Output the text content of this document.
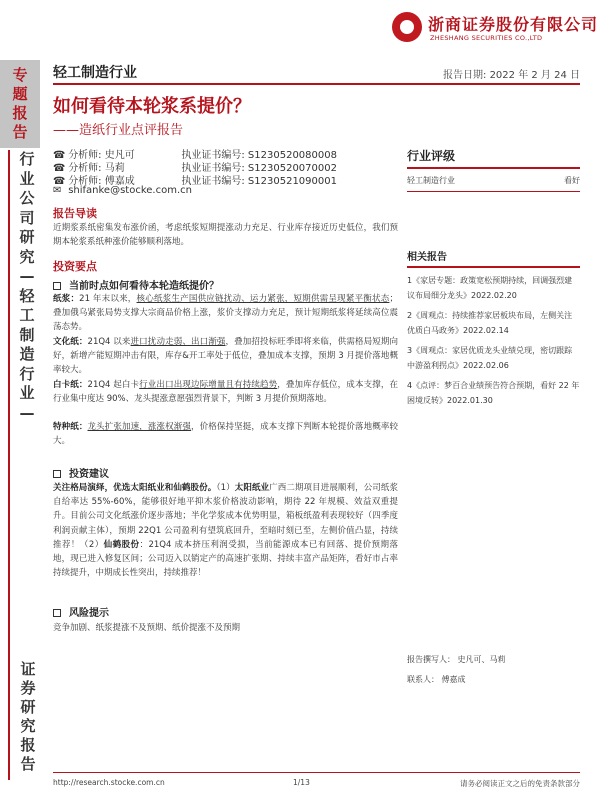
浙商证券股份有限公司
ZHESHANG SECURITIES CO.,LTD
专
题
报
告
行
业
公
司
研
究
—
轻
工
制
造
行
业
—
证
券
研
究
报
告
轻工制造行业	报告日期: 2022 年 2 月 24 日
如何看待本轮浆系提价？
——造纸行业点评报告
☎ 分析师: 史凡可	执业证书编号: S1230520080008
☎ 分析师: 马莉	执业证书编号: S1230520070002
☎ 分析师: 傅嘉成	执业证书编号: S1230521090001
✉ shifanke@stocke.com.cn
行业评级
轻工制造行业	看好
相关报告
1《家居专题：政策宽松预期持续，回调强烈建议布局细分龙头》2022.02.20
2《周观点：持续推荐家居板块布局，左侧关注优质白马政务》2022.02.14
3《周观点：家居优质龙头业绩兑现，密切跟踪中游盈利拐点》2022.02.06
4《点评：梦百合业绩预告符合预期，看好 22 年困境反转》2022.01.30
报告导读
近期浆系纸密集发布涨价函，考虑纸浆短期提涨动力充足、行业库存接近历史低位，我们预期本轮浆系纸种涨价能够顺利落地。
投资要点
当前时点如何看待本轮造纸提价？
纸浆：21 年末以来，核心纸浆生产国供应链扰动、运力紧张，短期供需呈现紧平衡状态；叠加俄乌紧张局势支撑大宗商品价格上涨，浆价支撑动力充足，预计短期纸浆将延续高位震荡态势。
文化纸：21Q4 以来进口扰动走弱、出口渐强，叠加招投标旺季即将来临，供需格局短期向好，新增产能短期冲击有限，库存&开工率处于低位，叠加成本支撑，预期 3 月提价落地概率较大。
白卡纸：21Q4 起白卡行业出口出现边际增量且有持续趋势，叠加库存低位，成本支撑，在行业集中度达 90%、龙头提涨意愿强烈背景下，判断 3 月提价预期落地。
特种纸：龙头扩张加速，涨涨权渐强，价格保持坚挺，成本支撑下判断本轮提价落地概率较大。
投资建议
关注格局演绎，优选太阳纸业和仙鹤股份。（1）太阳纸业广西二期项目进展顺利，公司纸浆自给率达 55%-60%，能够很好地平抑木浆价格波动影响，期待 22 年规模、效益双重提升。目前公司文化纸涨价逐步落地；半化学浆成本优势明显，箱板纸盈利表现较好（四季度利润贡献主体），预期 22Q1 公司盈利有望筑底回升，至暗时刻已至，左侧价值凸显，持续推荐！（2）仙鹤股份：21Q4 成本挤压利润受损，当前能源成本已有回落、提价预期落地，现已进入修复区间；公司迈入以销定产的高速扩张期、持续丰富产品矩阵，看好市占率持续提升，中期成长性突出，持续推荐！
风险提示
竞争加剧、纸浆提涨不及预期、纸价提涨不及预期
报告撰写人： 史凡可、马莉
联系人： 傅嘉成
http://research.stocke.com.cn	1/13	请务必阅读正文之后的免责条款部分
